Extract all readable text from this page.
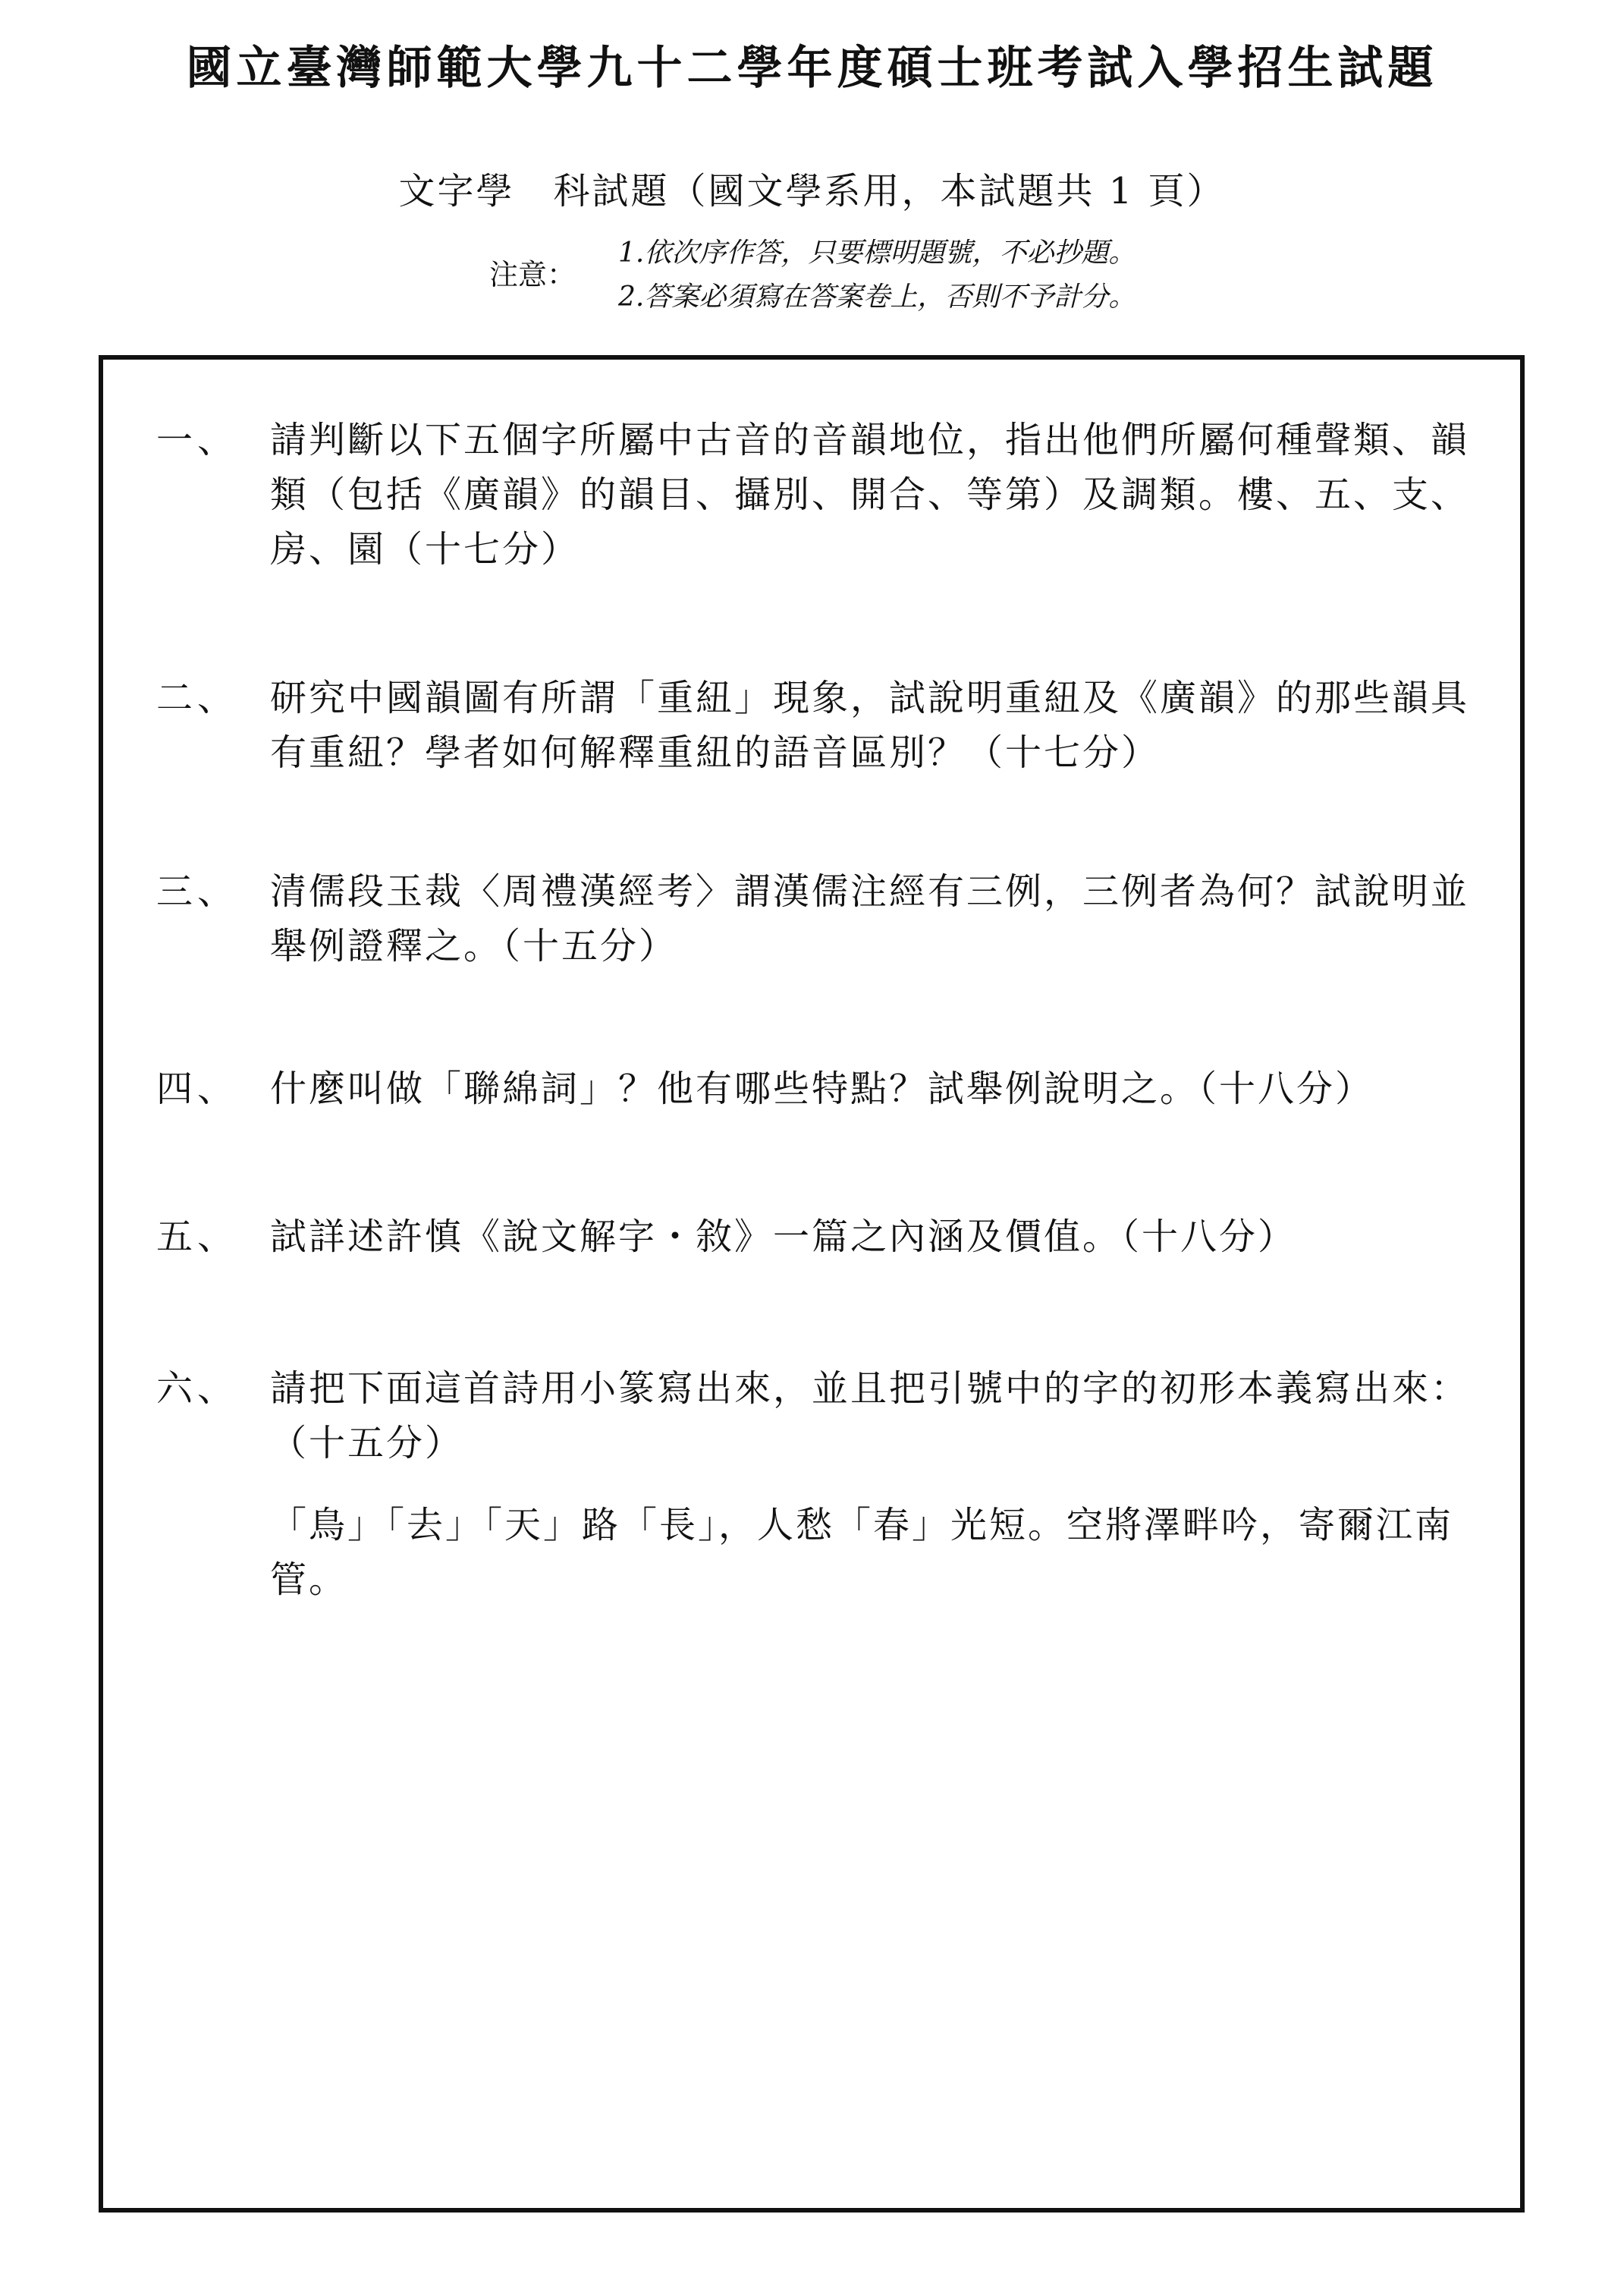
國立臺灣師範大學九十二學年度碩士班考試入學招生試題
文字學　科試題（國文學系用，本試題共 1 頁）
注意：
1.依次序作答，只要標明題號，不必抄題。
2.答案必須寫在答案卷上，否則不予計分。
一、 請判斷以下五個字所屬中古音的音韻地位，指出他們所屬何種聲類、韻類（包括《廣韻》的韻目、攝別、開合、等第）及調類。樓、五、支、房、園（十七分）
二、 研究中國韻圖有所謂「重紐」現象，試說明重紐及《廣韻》的那些韻具有重紐？學者如何解釋重紐的語音區別？（十七分）
三、 清儒段玉裁〈周禮漢經考〉謂漢儒注經有三例，三例者為何？試說明並舉例證釋之。（十五分）
四、 什麼叫做「聯綿詞」？他有哪些特點？試舉例說明之。（十八分）
五、 試詳述許慎《說文解字・敘》一篇之內涵及價值。（十八分）
六、 請把下面這首詩用小篆寫出來，並且把引號中的字的初形本義寫出來：（十五分）
「鳥」「去」「天」路「長」，人愁「春」光短。空將澤畔吟，寄爾江南管。
